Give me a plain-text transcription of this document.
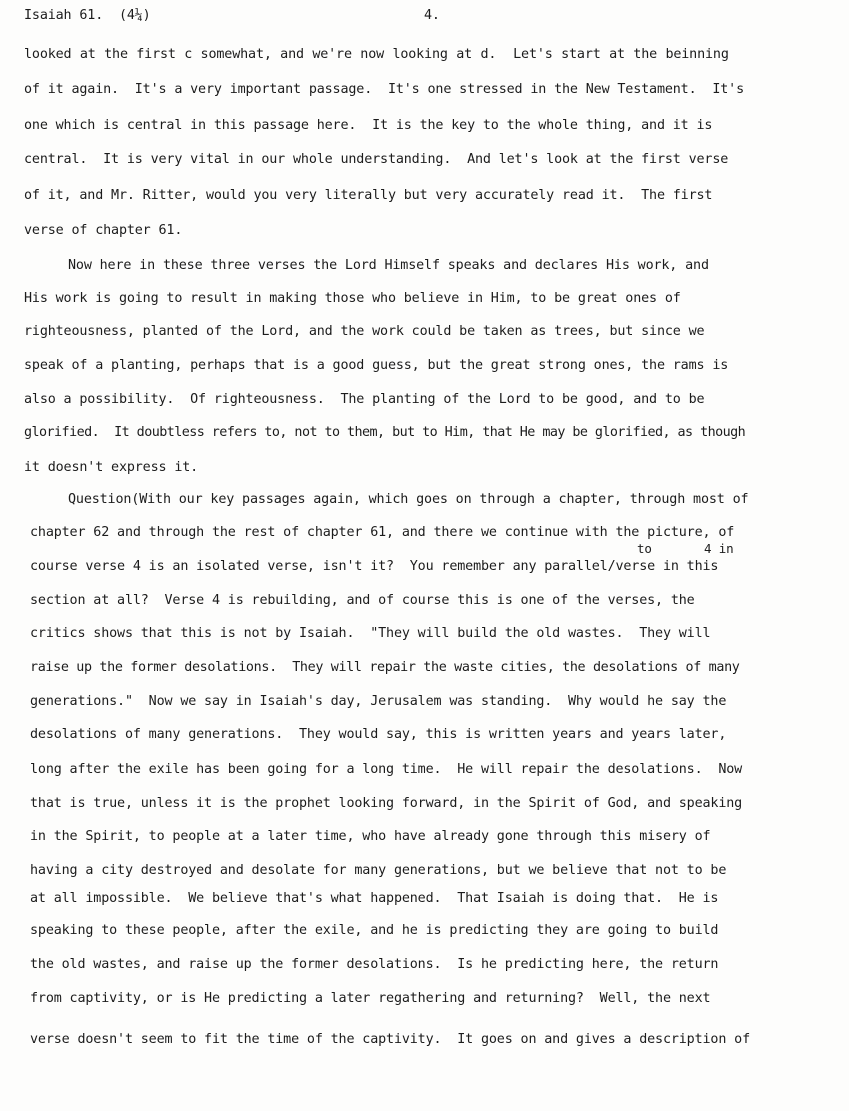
Isaiah 61.  (4¼)	4.
looked at the first c somewhat, and we're now looking at d.  Let's start at the beinning
of it again.  It's a very important passage.  It's one stressed in the New Testament.  It's
one which is central in this passage here.  It is the key to the whole thing, and it is
central.  It is very vital in our whole understanding.  And let's look at the first verse
of it, and Mr. Ritter, would you very literally but very accurately read it.  The first
verse of chapter 61.
Now here in these three verses the Lord Himself speaks and declares His work, and
His work is going to result in making those who believe in Him, to be great ones of
righteousness, planted of the Lord, and the work could be taken as trees, but since we
speak of a planting, perhaps that is a good guess, but the great strong ones, the rams is
also a possibility.  Of righteousness.  The planting of the Lord to be good, and to be
glorified.  It doubtless refers to, not to them, but to Him, that He may be glorified, as though
it doesn't express it.
Question(With our key passages again, which goes on through a chapter, through most of
chapter 62 and through the rest of chapter 61, and there we continue with the picture, of
to	4 in
course verse 4 is an isolated verse, isn't it?  You remember any parallel/verse in this
section at all?  Verse 4 is rebuilding, and of course this is one of the verses, the
critics shows that this is not by Isaiah.  "They will build the old wastes.  They will
raise up the former desolations.  They will repair the waste cities, the desolations of many
generations."  Now we say in Isaiah's day, Jerusalem was standing.  Why would he say the
desolations of many generations.  They would say, this is written years and years later,
long after the exile has been going for a long time.  He will repair the desolations.  Now
that is true, unless it is the prophet looking forward, in the Spirit of God, and speaking
in the Spirit, to people at a later time, who have already gone through this misery of
having a city destroyed and desolate for many generations, but we believe that not to be
at all impossible.  We believe that's what happened.  That Isaiah is doing that.  He is
speaking to these people, after the exile, and he is predicting they are going to build
the old wastes, and raise up the former desolations.  Is he predicting here, the return
from captivity, or is He predicting a later regathering and returning?  Well, the next
verse doesn't seem to fit the time of the captivity.  It goes on and gives a description of
